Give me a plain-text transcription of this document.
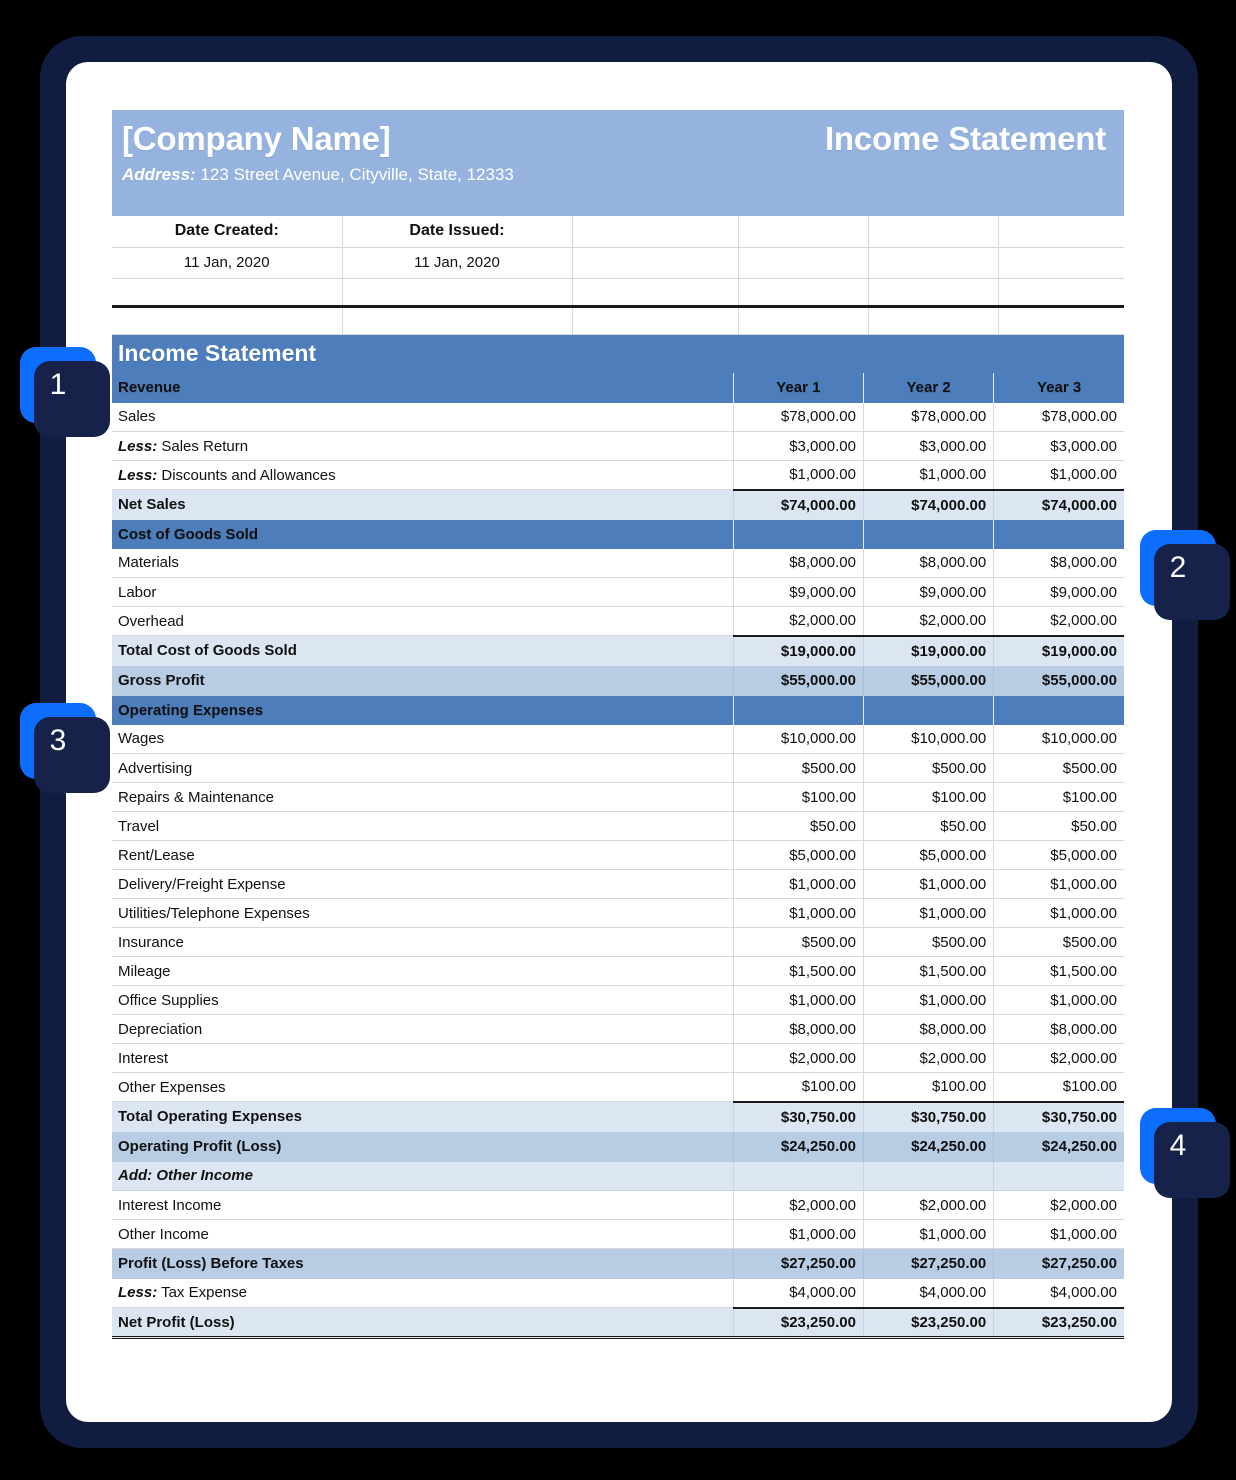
[Company Name]	Income Statement
Address: 123 Street Avenue, Cityville, State, 12333
Date Created:	Date Issued:				
11 Jan, 2020	11 Jan, 2020				

Income Statement			
Revenue	Year 1	Year 2	Year 3
Sales	$78,000.00	$78,000.00	$78,000.00
Less: Sales Return	$3,000.00	$3,000.00	$3,000.00
Less: Discounts and Allowances	$1,000.00	$1,000.00	$1,000.00
Net Sales	$74,000.00	$74,000.00	$74,000.00
Cost of Goods Sold			
Materials	$8,000.00	$8,000.00	$8,000.00
Labor	$9,000.00	$9,000.00	$9,000.00
Overhead	$2,000.00	$2,000.00	$2,000.00
Total Cost of Goods Sold	$19,000.00	$19,000.00	$19,000.00
Gross Profit	$55,000.00	$55,000.00	$55,000.00
Operating Expenses			
Wages	$10,000.00	$10,000.00	$10,000.00
Advertising	$500.00	$500.00	$500.00
Repairs & Maintenance	$100.00	$100.00	$100.00
Travel	$50.00	$50.00	$50.00
Rent/Lease	$5,000.00	$5,000.00	$5,000.00
Delivery/Freight Expense	$1,000.00	$1,000.00	$1,000.00
Utilities/Telephone Expenses	$1,000.00	$1,000.00	$1,000.00
Insurance	$500.00	$500.00	$500.00
Mileage	$1,500.00	$1,500.00	$1,500.00
Office Supplies	$1,000.00	$1,000.00	$1,000.00
Depreciation	$8,000.00	$8,000.00	$8,000.00
Interest	$2,000.00	$2,000.00	$2,000.00
Other Expenses	$100.00	$100.00	$100.00
Total Operating Expenses	$30,750.00	$30,750.00	$30,750.00
Operating Profit (Loss)	$24,250.00	$24,250.00	$24,250.00
Add: Other Income			
Interest Income	$2,000.00	$2,000.00	$2,000.00
Other Income	$1,000.00	$1,000.00	$1,000.00
Profit (Loss) Before Taxes	$27,250.00	$27,250.00	$27,250.00
Less: Tax Expense	$4,000.00	$4,000.00	$4,000.00
Net Profit (Loss)	$23,250.00	$23,250.00	$23,250.00
1
2
3
4
